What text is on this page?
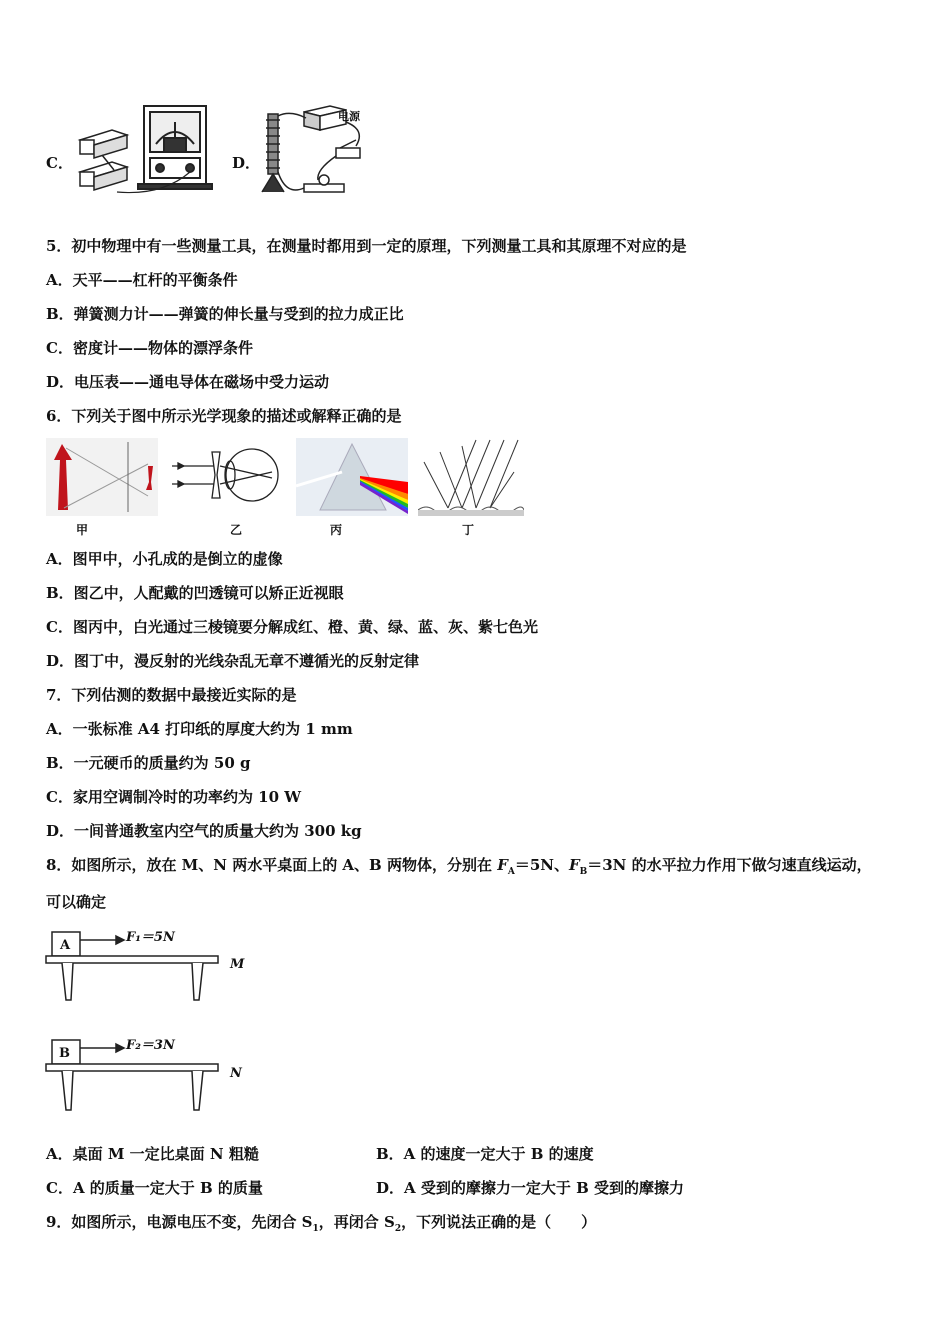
C．	D．
电源
5．初中物理中有一些测量工具，在测量时都用到一定的原理，下列测量工具和其原理不对应的是
A．天平——杠杆的平衡条件
B．弹簧测力计——弹簧的伸长量与受到的拉力成正比
C．密度计——物体的漂浮条件
D．电压表——通电导体在磁场中受力运动
6．下列关于图中所示光学现象的描述或解释正确的是
甲	乙	丙	丁
A．图甲中，小孔成的是倒立的虚像
B．图乙中，人配戴的凹透镜可以矫正近视眼
C．图丙中，白光通过三棱镜要分解成红、橙、黄、绿、蓝、灰、紫七色光
D．图丁中，漫反射的光线杂乱无章不遵循光的反射定律
7．下列估测的数据中最接近实际的是
A．一张标准 A4 打印纸的厚度大约为 1 mm
B．一元硬币的质量约为 50 g
C．家用空调制冷时的功率约为 10 W
D．一间普通教室内空气的质量大约为 300 kg
8．如图所示，放在 M、N 两水平桌面上的 A、B 两物体，分别在 $F_A=5N$、$F_B=3N$ 的水平拉力作用下做匀速直线运动，
可以确定
A
F₁＝5N
M
B
F₂＝3N
N
A．桌面 M 一定比桌面 N 粗糙	B．A 的速度一定大于 B 的速度
C．A 的质量一定大于 B 的质量	D．A 受到的摩擦力一定大于 B 受到的摩擦力
9．如图所示，电源电压不变，先闭合 $S_1$，再闭合 $S_2$，下列说法正确的是（　　）
